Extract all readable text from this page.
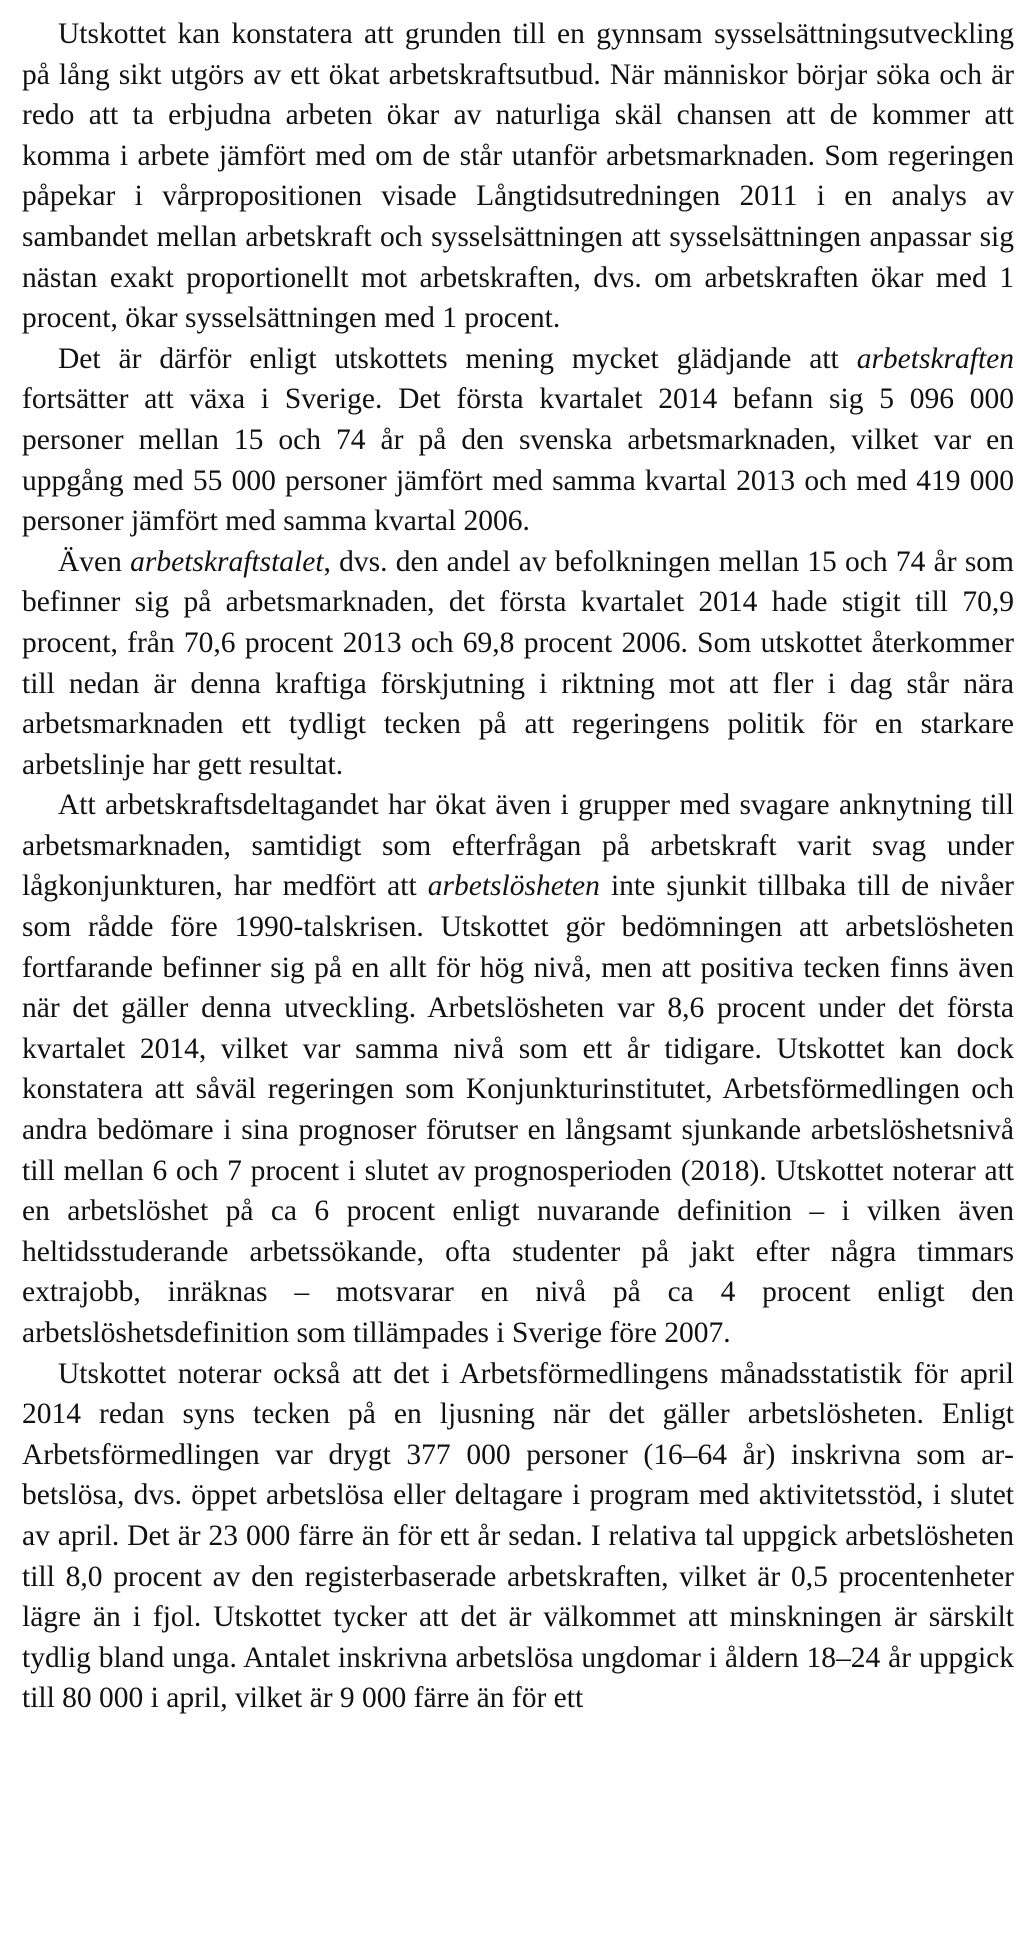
Utskottet kan konstatera att grunden till en gynnsam sysselsättningsutveckling på lång sikt utgörs av ett ökat arbetskraftsutbud. När människor börjar söka och är redo att ta erbjudna arbeten ökar av naturliga skäl chansen att de kommer att komma i arbete jämfört med om de står utanför arbetsmarknaden. Som regeringen påpekar i vårpropositionen visade Långtidsutredningen 2011 i en analys av sambandet mellan arbetskraft och sysselsättningen att sysselsättningen anpassar sig nästan exakt proportionellt mot arbetskraften, dvs. om arbetskraften ökar med 1 procent, ökar sysselsättningen med 1 procent.

Det är därför enligt utskottets mening mycket glädjande att arbetskraften fortsätter att växa i Sverige. Det första kvartalet 2014 befann sig 5 096 000 personer mellan 15 och 74 år på den svenska arbetsmarknaden, vilket var en uppgång med 55 000 personer jämfört med samma kvartal 2013 och med 419 000 personer jämfört med samma kvartal 2006.

Även arbetskraftstalet, dvs. den andel av befolkningen mellan 15 och 74 år som befinner sig på arbetsmarknaden, det första kvartalet 2014 hade stigit till 70,9 procent, från 70,6 procent 2013 och 69,8 procent 2006. Som utskottet återkommer till nedan är denna kraftiga förskjutning i riktning mot att fler i dag står nära arbetsmarknaden ett tydligt tecken på att regeringens politik för en starkare arbetslinje har gett resultat.

Att arbetskraftsdeltagandet har ökat även i grupper med svagare anknytning till arbetsmarknaden, samtidigt som efterfrågan på arbetskraft varit svag under lågkonjunkturen, har medfört att arbetslösheten inte sjunkit tillbaka till de nivåer som rådde före 1990-talskrisen. Utskottet gör bedömningen att arbetslösheten fortfarande befinner sig på en allt för hög nivå, men att positiva tecken finns även när det gäller denna utveckling. Arbetslösheten var 8,6 procent under det första kvartalet 2014, vilket var samma nivå som ett år tidigare. Utskottet kan dock konstatera att såväl regeringen som Konjunkturinstitutet, Arbetsförmedlingen och andra bedömare i sina prognoser förutser en långsamt sjunkande arbetslöshetsnivå till mellan 6 och 7 procent i slutet av prognosperioden (2018). Utskottet noterar att en arbetslöshet på ca 6 procent enligt nuvarande definition – i vilken även heltidsstuderande arbetssökande, ofta studenter på jakt efter några timmars extrajobb, inräknas – motsvarar en nivå på ca 4 procent enligt den arbetslöshetsdefinition som tillämpades i Sverige före 2007.

Utskottet noterar också att det i Arbetsförmedlingens månadsstatistik för april 2014 redan syns tecken på en ljusning när det gäller arbetslösheten. Enligt Arbetsförmedlingen var drygt 377 000 personer (16–64 år) inskrivna som arbetslösa, dvs. öppet arbetslösa eller deltagare i program med aktivitetsstöd, i slutet av april. Det är 23 000 färre än för ett år sedan. I relativa tal uppgick arbetslösheten till 8,0 procent av den registerbaserade arbetskraften, vilket är 0,5 procentenheter lägre än i fjol. Utskottet tycker att det är välkommet att minskningen är särskilt tydlig bland unga. Antalet inskrivna arbetslösa ungdomar i åldern 18–24 år uppgick till 80 000 i april, vilket är 9 000 färre än för ett
